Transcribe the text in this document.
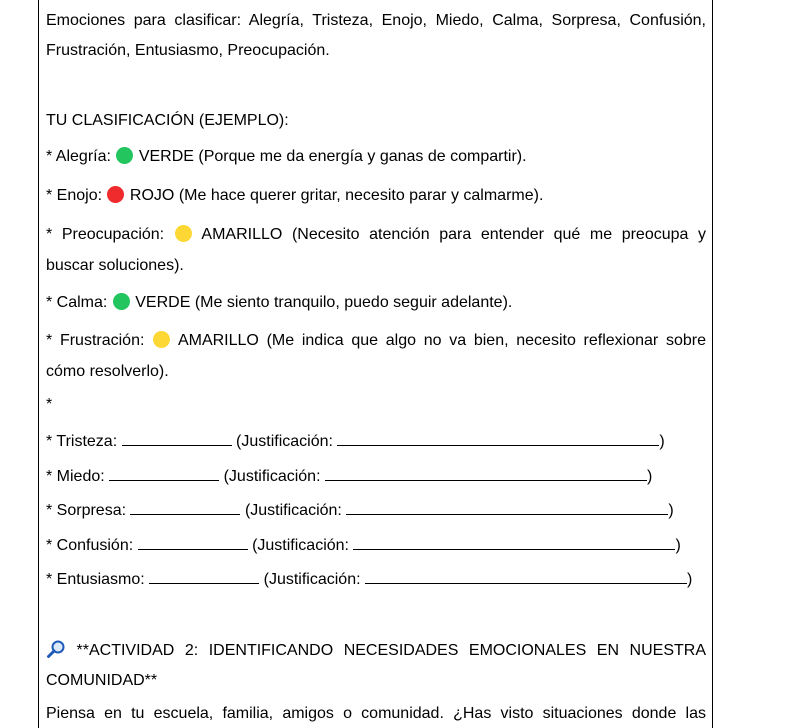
Emociones para clasificar: Alegría, Tristeza, Enojo, Miedo, Calma, Sorpresa, Confusión,
Frustración, Entusiasmo, Preocupación.
TU CLASIFICACIÓN (EJEMPLO):
* Alegría:  VERDE (Porque me da energía y ganas de compartir).
* Enojo:  ROJO (Me hace querer gritar, necesito parar y calmarme).
* Preocupación:  AMARILLO (Necesito atención para entender qué me preocupa y
buscar soluciones).
* Calma:  VERDE (Me siento tranquilo, puedo seguir adelante).
* Frustración:  AMARILLO (Me indica que algo no va bien, necesito reflexionar sobre
cómo resolverlo).
*
* Tristeza:	(Justificación:	)
* Miedo:	(Justificación:	)
* Sorpresa:	(Justificación:	)
* Confusión:	(Justificación:	)
* Entusiasmo:	(Justificación:	)
**ACTIVIDAD 2: IDENTIFICANDO NECESIDADES EMOCIONALES EN NUESTRA
COMUNIDAD**
Piensa en tu escuela, familia, amigos o comunidad. ¿Has visto situaciones donde las
